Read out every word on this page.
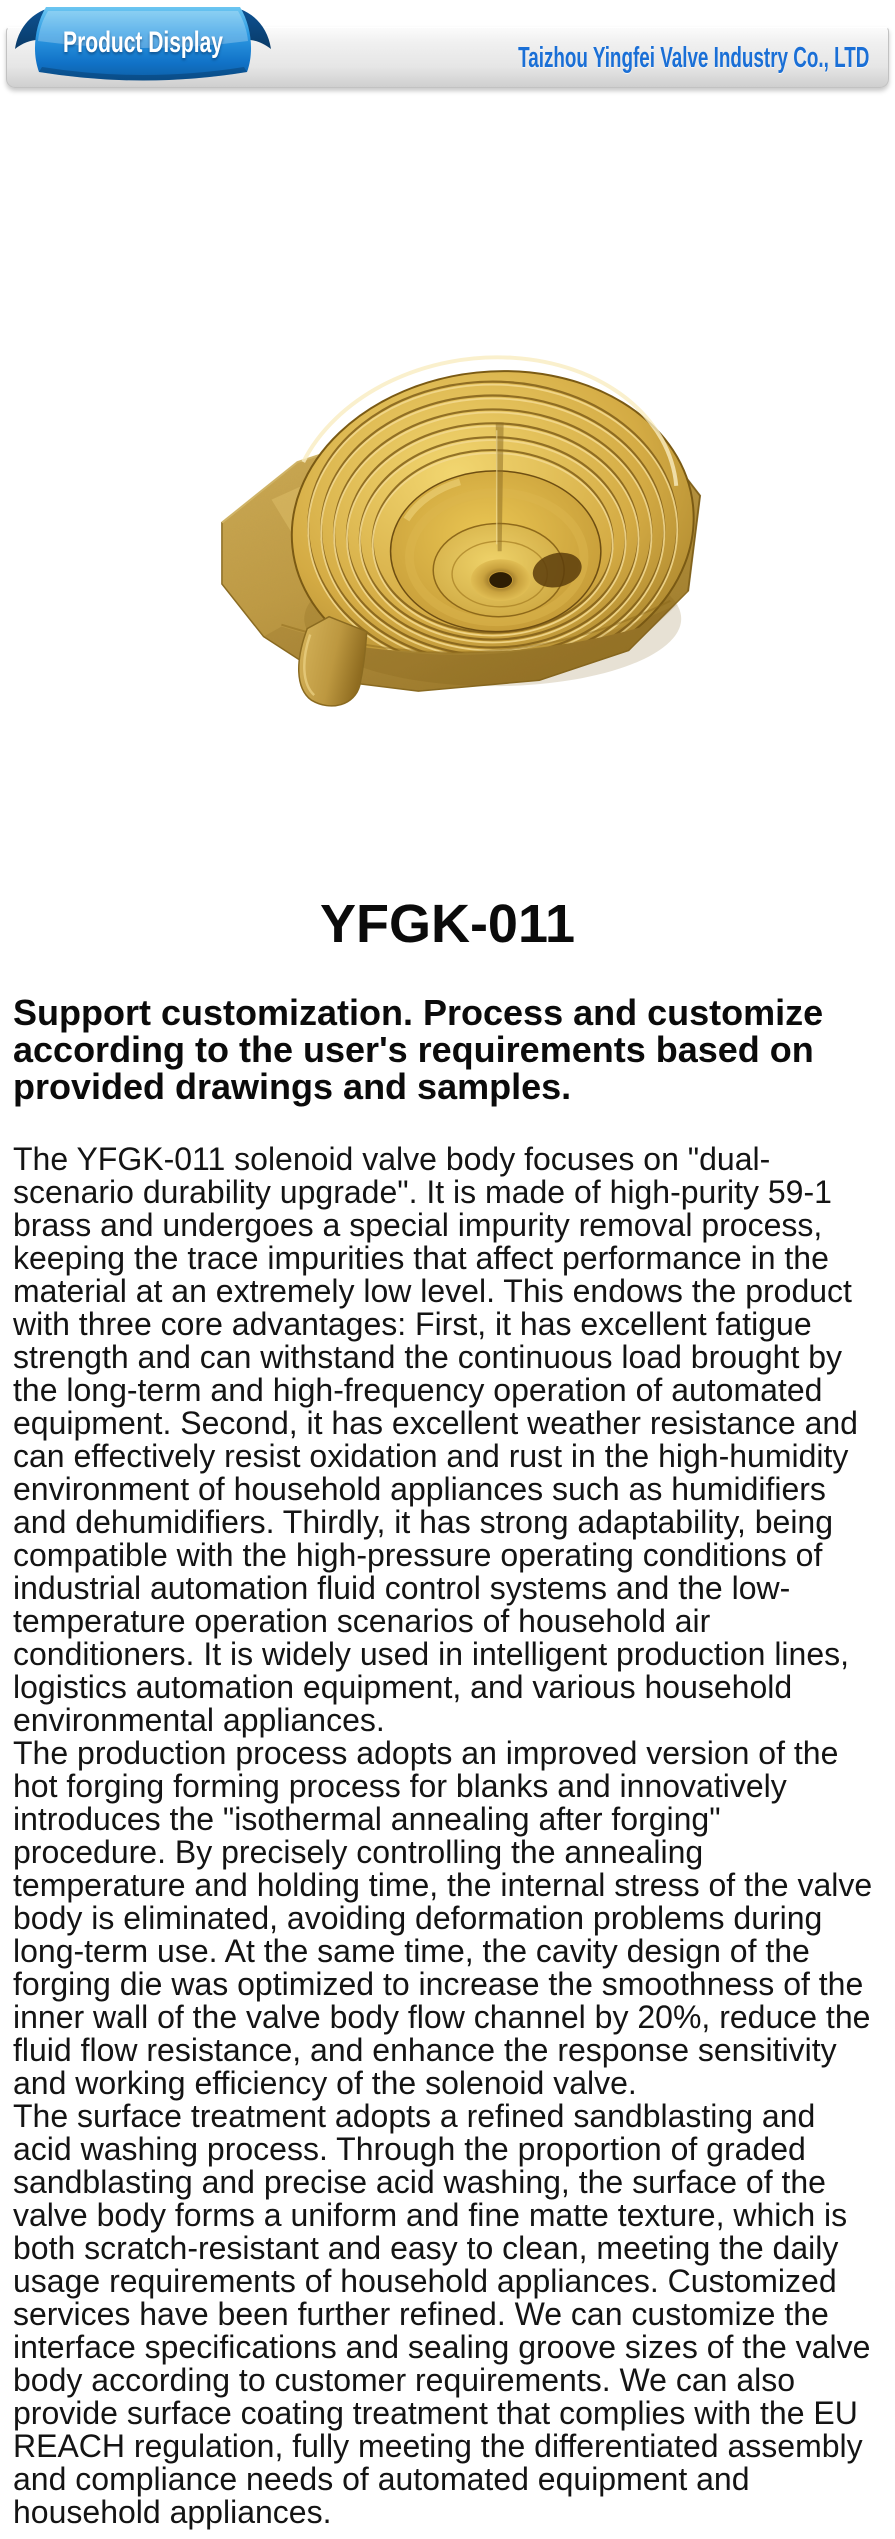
Taizhou Yingfei Valve Industry Co., LTD
Product Display
YFGK-011
Support customization. Process and customize according to the user's requirements based on provided drawings and samples.

The YFGK-011 solenoid valve body focuses on "dual-scenario durability upgrade". It is made of high-purity 59-1 brass and undergoes a special impurity removal process, keeping the trace impurities that affect performance in the material at an extremely low level. This endows the product with three core advantages: First, it has excellent fatigue strength and can withstand the continuous load brought by the long-term and high-frequency operation of automated equipment. Second, it has excellent weather resistance and can effectively resist oxidation and rust in the high-humidity environment of household appliances such as humidifiers and dehumidifiers. Thirdly, it has strong adaptability, being compatible with the high-pressure operating conditions of industrial automation fluid control systems and the low-temperature operation scenarios of household air conditioners. It is widely used in intelligent production lines, logistics automation equipment, and various household environmental appliances.

The production process adopts an improved version of the hot forging forming process for blanks and innovatively introduces the "isothermal annealing after forging" procedure. By precisely controlling the annealing temperature and holding time, the internal stress of the valve body is eliminated, avoiding deformation problems during long-term use. At the same time, the cavity design of the forging die was optimized to increase the smoothness of the inner wall of the valve body flow channel by 20%, reduce the fluid flow resistance, and enhance the response sensitivity and working efficiency of the solenoid valve.

The surface treatment adopts a refined sandblasting and acid washing process. Through the proportion of graded sandblasting and precise acid washing, the surface of the valve body forms a uniform and fine matte texture, which is both scratch-resistant and easy to clean, meeting the daily usage requirements of household appliances. Customized services have been further refined. We can customize the interface specifications and sealing groove sizes of the valve body according to customer requirements. We can also provide surface coating treatment that complies with the EU REACH regulation, fully meeting the differentiated assembly and compliance needs of automated equipment and household appliances.
